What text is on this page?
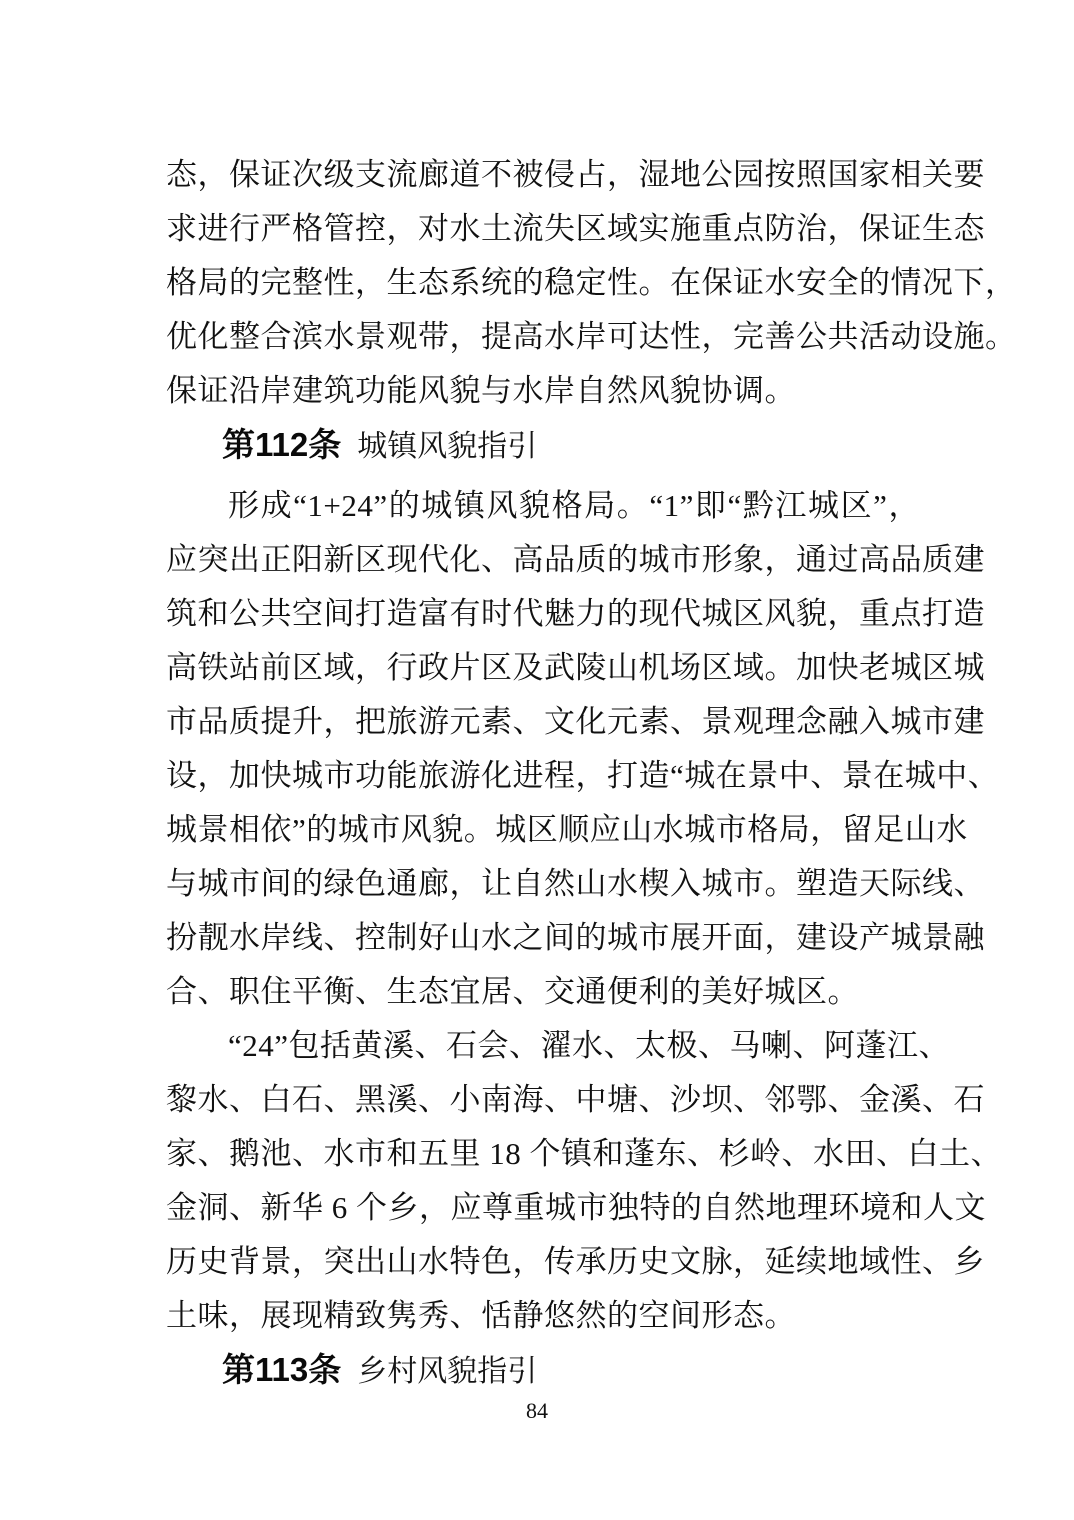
态，保证次级支流廊道不被侵占，湿地公园按照国家相关要
求进行严格管控，对水土流失区域实施重点防治，保证生态
格局的完整性，生态系统的稳定性。在保证水安全的情况下，
优化整合滨水景观带，提高水岸可达性，完善公共活动设施。
保证沿岸建筑功能风貌与水岸自然风貌协调。
第112条 城镇风貌指引
形成“1+24”的城镇风貌格局。“1”即“黔江城区”，
应突出正阳新区现代化、高品质的城市形象，通过高品质建
筑和公共空间打造富有时代魅力的现代城区风貌，重点打造
高铁站前区域，行政片区及武陵山机场区域。加快老城区城
市品质提升，把旅游元素、文化元素、景观理念融入城市建
设，加快城市功能旅游化进程，打造“城在景中、景在城中、
城景相依”的城市风貌。城区顺应山水城市格局，留足山水
与城市间的绿色通廊，让自然山水楔入城市。塑造天际线、
扮靓水岸线、控制好山水之间的城市展开面，建设产城景融
合、职住平衡、生态宜居、交通便利的美好城区。
“24”包括黄溪、石会、濯水、太极、马喇、阿蓬江、
黎水、白石、黑溪、小南海、中塘、沙坝、邻鄂、金溪、石
家、鹅池、水市和五里 18 个镇和蓬东、杉岭、水田、白土、
金洞、新华 6 个乡，应尊重城市独特的自然地理环境和人文
历史背景，突出山水特色，传承历史文脉，延续地域性、乡
土味，展现精致隽秀、恬静悠然的空间形态。
第113条 乡村风貌指引
84
